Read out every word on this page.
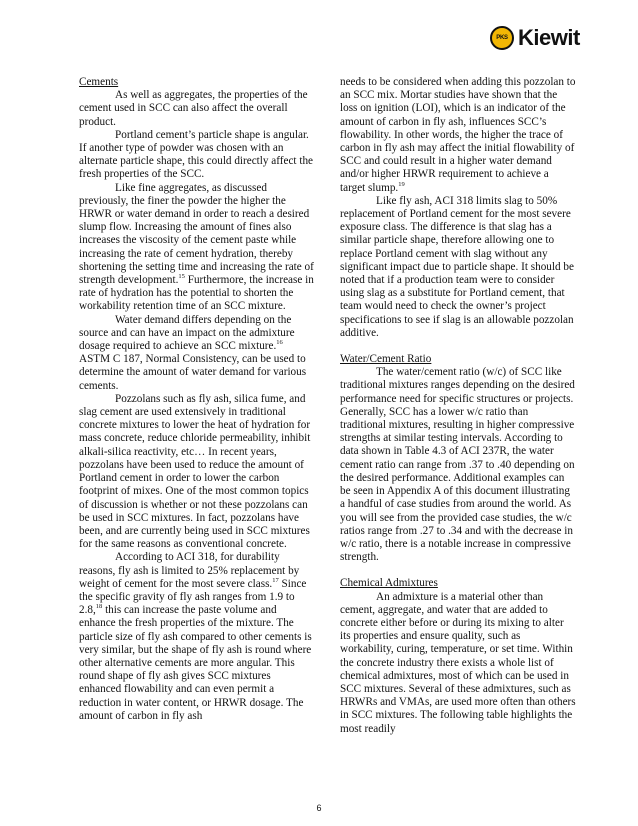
PKS Kiewit

Cements

As well as aggregates, the properties of the cement used in SCC can also affect the overall product.

Portland cement’s particle shape is angular. If another type of powder was chosen with an alternate particle shape, this could directly affect the fresh properties of the SCC.

Like fine aggregates, as discussed previously, the finer the powder the higher the HRWR or water demand in order to reach a desired slump flow. Increasing the amount of fines also increases the viscosity of the cement paste while increasing the rate of cement hydration, thereby shortening the setting time and increasing the rate of strength development.$^{15}$ Furthermore, the increase in rate of hydration has the potential to shorten the workability retention time of an SCC mixture.

Water demand differs depending on the source and can have an impact on the admixture dosage required to achieve an SCC mixture.$^{16}$ ASTM C 187, Normal Consistency, can be used to determine the amount of water demand for various cements.

Pozzolans such as fly ash, silica fume, and slag cement are used extensively in traditional concrete mixtures to lower the heat of hydration for mass concrete, reduce chloride permeability, inhibit alkali-silica reactivity, etc… In recent years, pozzolans have been used to reduce the amount of Portland cement in order to lower the carbon footprint of mixes. One of the most common topics of discussion is whether or not these pozzolans can be used in SCC mixtures. In fact, pozzolans have been, and are currently being used in SCC mixtures for the same reasons as conventional concrete.

According to ACI 318, for durability reasons, fly ash is limited to 25% replacement by weight of cement for the most severe class.$^{17}$ Since the specific gravity of fly ash ranges from 1.9 to 2.8,18 this can increase the paste volume and enhance the fresh properties of the mixture. The particle size of fly ash compared to other cements is very similar, but the shape of fly ash is round where other alternative cements are more angular. This round shape of fly ash gives SCC mixtures enhanced flowability and can even permit a reduction in water content, or HRWR dosage. The amount of carbon in fly ash

needs to be considered when adding this pozzolan to an SCC mix. Mortar studies have shown that the loss on ignition (LOI), which is an indicator of the amount of carbon in fly ash, influences SCC’s flowability. In other words, the higher the trace of carbon in fly ash may affect the initial flowability of SCC and could result in a higher water demand and/or higher HRWR requirement to achieve a target slump.$^{19}$

Like fly ash, ACI 318 limits slag to 50% replacement of Portland cement for the most severe exposure class. The difference is that slag has a similar particle shape, therefore allowing one to replace Portland cement with slag without any significant impact due to particle shape. It should be noted that if a production team were to consider using slag as a substitute for Portland cement, that team would need to check the owner’s project specifications to see if slag is an allowable pozzolan additive.

Water/Cement Ratio

The water/cement ratio (w/c) of SCC like traditional mixtures ranges depending on the desired performance need for specific structures or projects. Generally, SCC has a lower w/c ratio than traditional mixtures, resulting in higher compressive strengths at similar testing intervals. According to data shown in Table 4.3 of ACI 237R, the water cement ratio can range from .37 to .40 depending on the desired performance. Additional examples can be seen in Appendix A of this document illustrating a handful of case studies from around the world. As you will see from the provided case studies, the w/c ratios range from .27 to .34 and with the decrease in w/c ratio, there is a notable increase in compressive strength.

Chemical Admixtures

An admixture is a material other than cement, aggregate, and water that are added to concrete either before or during its mixing to alter its properties and ensure quality, such as workability, curing, temperature, or set time. Within the concrete industry there exists a whole list of chemical admixtures, most of which can be used in SCC mixtures. Several of these admixtures, such as HRWRs and VMAs, are used more often than others in SCC mixtures. The following table highlights the most readily

6
